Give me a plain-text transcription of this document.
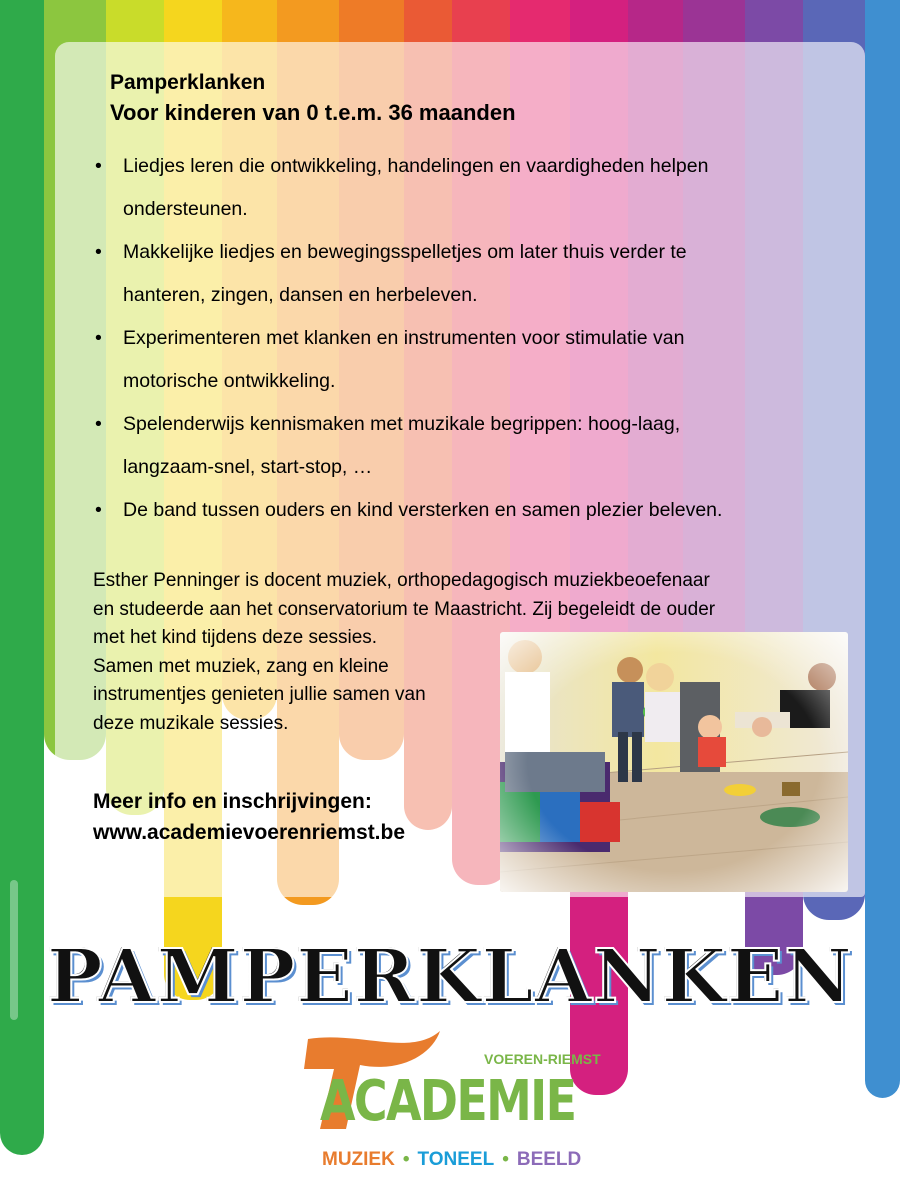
Pamperklanken
Voor kinderen van 0 t.e.m. 36 maanden
• Liedjes leren die ontwikkeling, handelingen en vaardigheden helpen
ondersteunen.
• Makkelijke liedjes en bewegingsspelletjes om later thuis verder te
hanteren, zingen, dansen en herbeleven.
• Experimenteren met klanken en instrumenten voor stimulatie van
motorische ontwikkeling.
• Spelenderwijs kennismaken met muzikale begrippen: hoog-laag,
langzaam-snel, start-stop, …
• De band tussen ouders en kind versterken en samen plezier beleven.

Esther Penninger is docent muziek, orthopedagogisch muziekbeoefenaar

en studeerde aan het conservatorium te Maastricht. Zij begeleidt de ouder

met het kind tijdens deze sessies.

Samen met muziek, zang en kleine

instrumentjes genieten jullie samen van

deze muzikale sessies.

Meer info en inschrijvingen:
www.academievoerenriemst.be
PAMPERKLANKEN
VOEREN-RIEMST
ACADEMIE
MUZIEK • TONEEL • BEELD
